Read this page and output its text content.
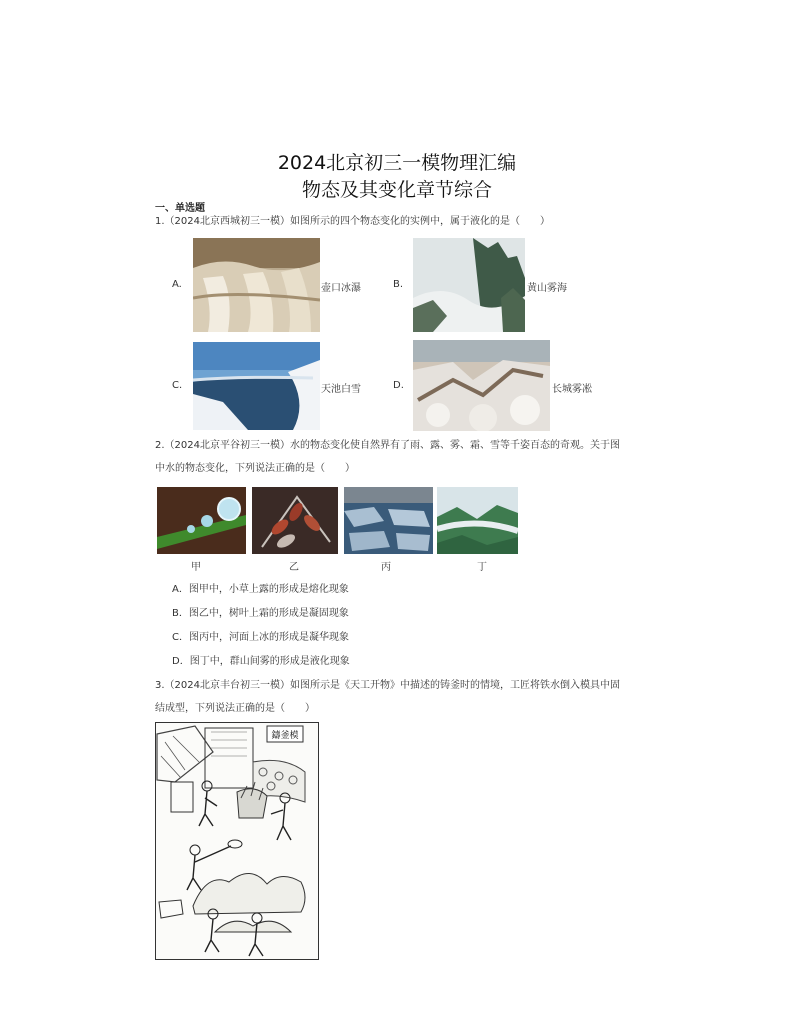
2024北京初三一模物理汇编
物态及其变化章节综合
一、单选题
1.（2024北京西城初三一模）如图所示的四个物态变化的实例中，属于液化的是（　　）
A.	壶口冰瀑	B.	黄山雾海
C.	天池白雪	D.	长城雾凇
2.（2024北京平谷初三一模）水的物态变化使自然界有了雨、露、雾、霜、雪等千姿百态的奇观。关于图
中水的物态变化，下列说法正确的是（　　）
甲	乙	丙	丁
A．图甲中，小草上露的形成是熔化现象
B．图乙中，树叶上霜的形成是凝固现象
C．图丙中，河面上冰的形成是凝华现象
D．图丁中，群山间雾的形成是液化现象
3.（2024北京丰台初三一模）如图所示是《天工开物》中描述的铸釜时的情境，工匠将铁水倒入模具中固
结成型，下列说法正确的是（　　）
鑄釜模
